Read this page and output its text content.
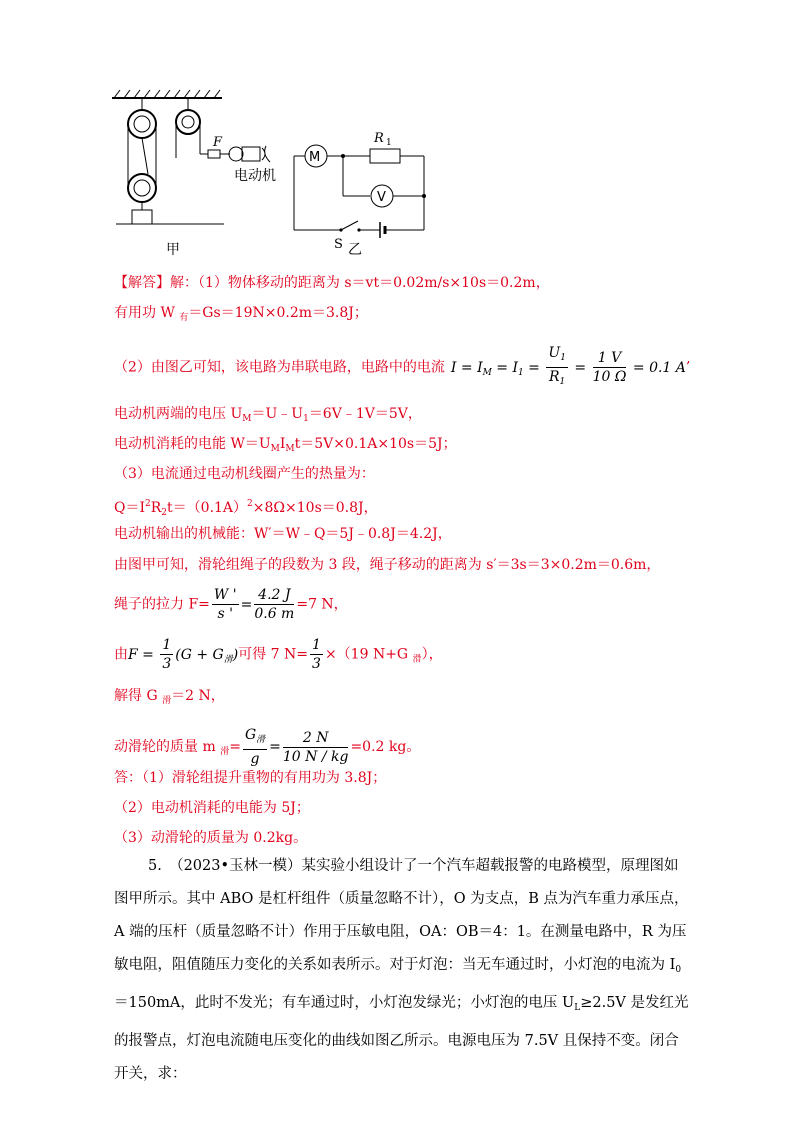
F
电动机
甲
M
R 1
V
S 乙
【解答】解：（1）物体移动的距离为 s＝vt＝0.02m/s×10s＝0.2m，
有用功 W $_有$＝Gs＝19N×0.2m＝3.8J；
（2）由图乙可知，该电路为串联电路，电路中的电流 $I = I_M = I_1 = \frac{U_1}{R_1} = \frac{1 V}{10 \Omega} = 0.1$ A’
电动机两端的电压 $U_M=U﹣U_1=6V﹣1V=5V$，
电动机消耗的电能 $W=U_MI_Mt=5V\times 0.1A\times 10s=5J$；
（3）电流通过电动机线圈产生的热量为：
$Q=I^2R_2t=(0.1A)^2\times 8\Omega\times 10s=0.8J$，
电动机输出的机械能：W′＝W﹣Q＝5J﹣0.8J＝4.2J，
由图甲可知，滑轮组绳子的段数为 3 段，绳子移动的距离为 s′＝3s＝3×0.2m＝0.6m，
绳子的拉力 $F= \frac{W '}{s '} = \frac{4.2 J}{0.6 m} =7$ N，
由$F = \frac{1}{3} (G + G_滑)$可得 7 $N= \frac{1}{3} \times(19$ N+G $_滑$），
解得 G $_滑$＝2 N，
动滑轮的质量 m $_滑= \frac{G_滑}{g} = \frac{2 N}{10 N / kg} =0.2$ kg。
答：（1）滑轮组提升重物的有用功为 3.8J；
（2）电动机消耗的电能为 5J；
（3）动滑轮的质量为 0.2kg。
5.　（2023•玉林一模）某实验小组设计了一个汽车超载报警的电路模型，原理图如图甲所示。其中 ABO 是杠杆组件（质量忽略不计），O 为支点，B 点为汽车重力承压点，A 端的压杆（质量忽略不计）作用于压敏电阻，OA：OB＝4：1。在测量电路中，R 为压敏电阻，阻值随压力变化的关系如表所示。对于灯泡：当无车通过时，小灯泡的电流为 $I_0=150mA$，此时不发光；有车通过时，小灯泡发绿光；小灯泡的电压 $U_L\ge 2.5V$ 是发红光的报警点，灯泡电流随电压变化的曲线如图乙所示。电源电压为 7.5V 且保持不变。闭合开关，求：
